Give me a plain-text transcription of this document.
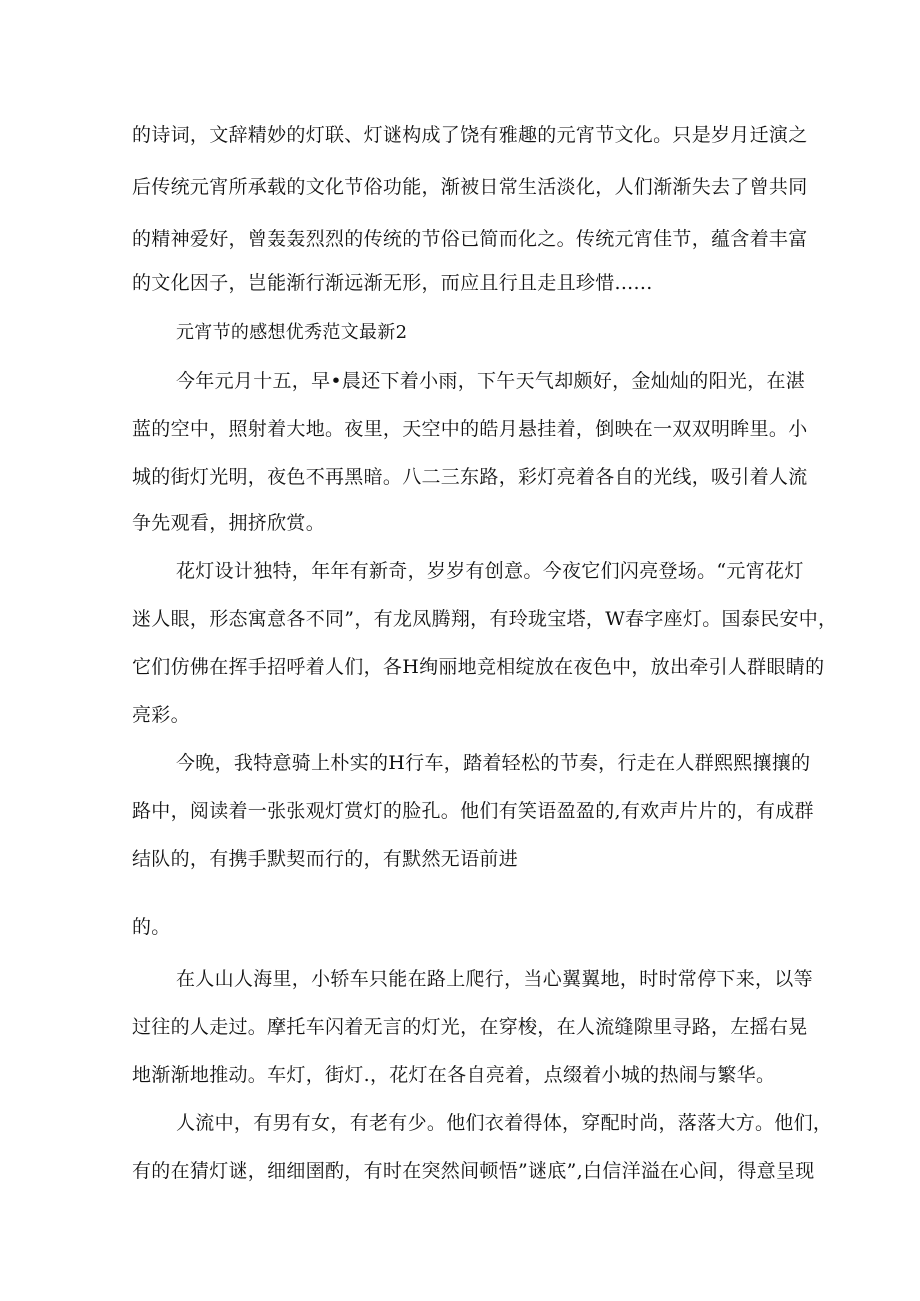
的诗词，文辞精妙的灯联、灯谜构成了饶有雅趣的元宵节文化。只是岁月迁演之
后传统元宵所承载的文化节俗功能，渐被日常生活淡化，人们渐渐失去了曾共同
的精神爱好，曾轰轰烈烈的传统的节俗已简而化之。传统元宵佳节，蕴含着丰富
的文化因子，岂能渐行渐远渐无形，而应且行且走且珍惜......
元宵节的感想优秀范文最新2
今年元月十五，早•晨还下着小雨，下午天气却颇好，金灿灿的阳光，在湛
蓝的空中，照射着大地。夜里，天空中的皓月悬挂着，倒映在一双双明眸里。小
城的街灯光明，夜色不再黑暗。八二三东路，彩灯亮着各自的光线，吸引着人流
争先观看，拥挤欣赏。
花灯设计独特，年年有新奇，岁岁有创意。今夜它们闪亮登场。“元宵花灯
迷人眼，形态寓意各不同”，有龙凤腾翔，有玲珑宝塔，W春字座灯。国泰民安中，
它们仿佛在挥手招呼着人们，各H绚丽地竞相绽放在夜色中，放出牵引人群眼睛的
亮彩。
今晚，我特意骑上朴实的H行车，踏着轻松的节奏，行走在人群熙熙攘攘的
路中，阅读着一张张观灯赏灯的脸孔。他们有笑语盈盈的,有欢声片片的，有成群
结队的，有携手默契而行的，有默然无语前进
的。
在人山人海里，小轿车只能在路上爬行，当心翼翼地，时时常停下来，以等
过往的人走过。摩托车闪着无言的灯光，在穿梭，在人流缝隙里寻路，左摇右晃
地渐渐地推动。车灯，街灯.，花灯在各自亮着，点缀着小城的热闹与繁华。
人流中，有男有女，有老有少。他们衣着得体，穿配时尚，落落大方。他们，
有的在猜灯谜，细细圉酌，有时在突然间顿悟”谜底”,白信洋溢在心间，得意呈现
